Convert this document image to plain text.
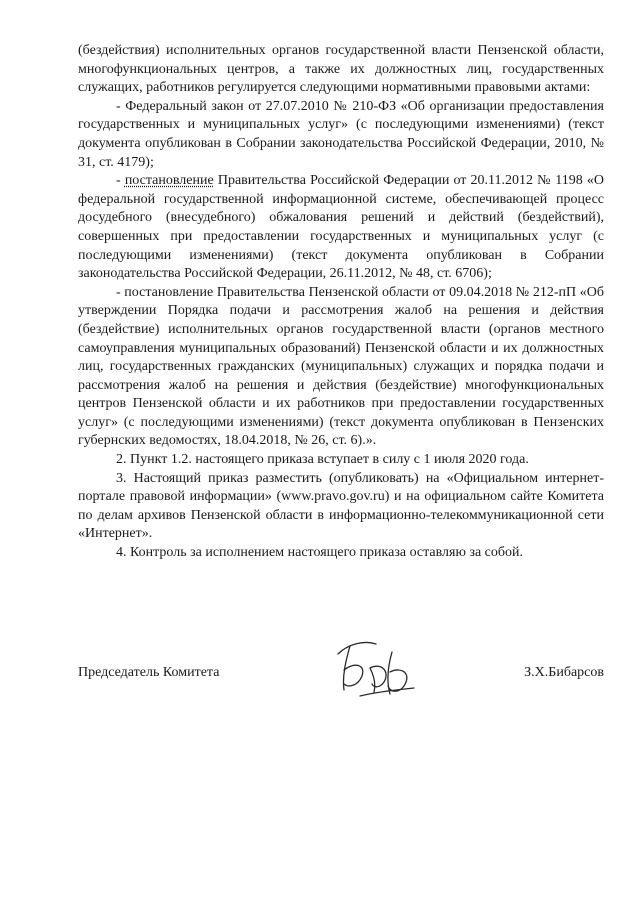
(бездействия) исполнительных органов государственной власти Пензенской области, многофункциональных центров, а также их должностных лиц, государственных служащих, работников регулируется следующими нормативными правовыми актами:

- Федеральный закон от 27.07.2010 № 210-ФЗ «Об организации предоставления государственных и муниципальных услуг» (с последующими изменениями) (текст документа опубликован в Собрании законодательства Российской Федерации, 2010, № 31, ст. 4179);

- постановление Правительства Российской Федерации от 20.11.2012 № 1198 «О федеральной государственной информационной системе, обеспечивающей процесс досудебного (внесудебного) обжалования решений и действий (бездействий), совершенных при предоставлении государственных и муниципальных услуг (с последующими изменениями) (текст документа опубликован в Собрании законодательства Российской Федерации, 26.11.2012, № 48, ст. 6706);

- постановление Правительства Пензенской области от 09.04.2018 № 212-пП «Об утверждении Порядка подачи и рассмотрения жалоб на решения и действия (бездействие) исполнительных органов государственной власти (органов местного самоуправления муниципальных образований) Пензенской области и их должностных лиц, государственных гражданских (муниципальных) служащих и порядка подачи и рассмотрения жалоб на решения и действия (бездействие) многофункциональных центров Пензенской области и их работников при предоставлении государственных услуг» (с последующими изменениями) (текст документа опубликован в Пензенских губернских ведомостях, 18.04.2018, № 26, ст. 6).».

2. Пункт 1.2. настоящего приказа вступает в силу с 1 июля 2020 года.

3. Настоящий приказ разместить (опубликовать) на «Официальном интернет-портале правовой информации» (www.pravo.gov.ru) и на официальном сайте Комитета по делам архивов Пензенской области в информационно-телекоммуникационной сети «Интернет».

4. Контроль за исполнением настоящего приказа оставляю за собой.

Председатель Комитета	З.Х.Бибарсов
